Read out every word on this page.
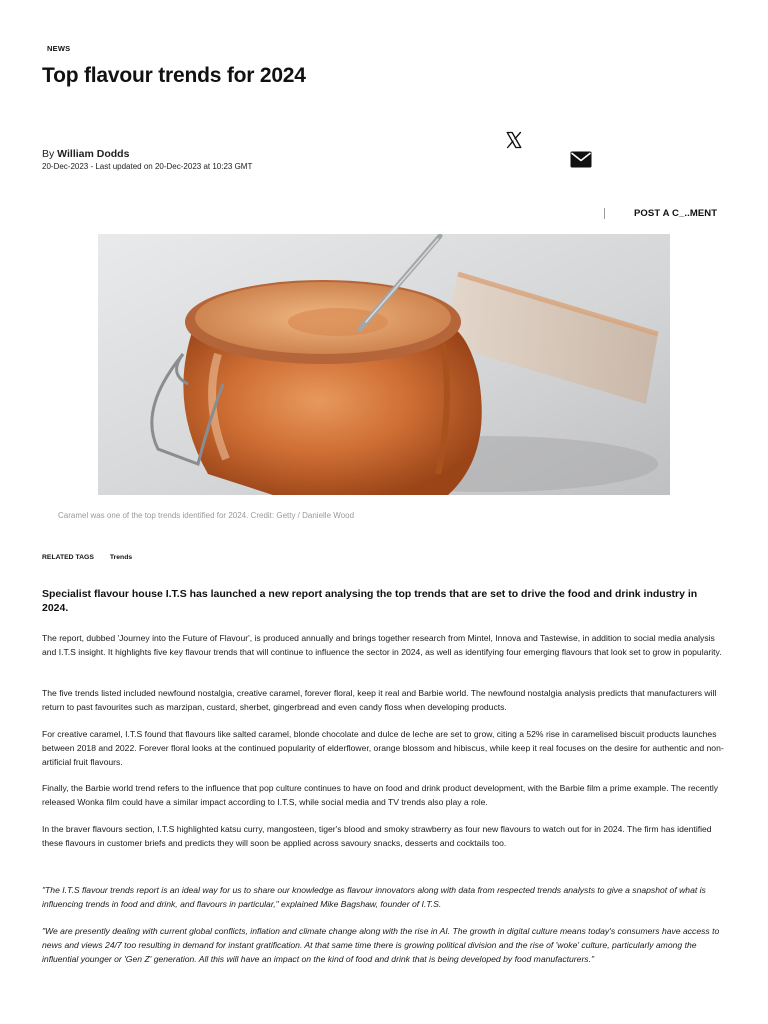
NEWS
Top flavour trends for 2024
By William Dodds
20-Dec-2023 - Last updated on 20-Dec-2023 at 10:23 GMT
POST A C_..MENT
Caramel was one of the top trends identified for 2024. Credit: Getty / Danielle Wood
RELATED TAGS Trends

Specialist flavour house I.T.S has launched a new report analysing the top trends that are set to drive the food and drink industry in 2024.

The report, dubbed 'Journey into the Future of Flavour', is produced annually and brings together research from Mintel, Innova and Tastewise, in addition to social media analysis and I.T.S insight. It highlights five key flavour trends that will continue to influence the sector in 2024, as well as identifying four emerging flavours that look set to grow in popularity.

The five trends listed included newfound nostalgia, creative caramel, forever floral, keep it real and Barbie world. The newfound nostalgia analysis predicts that manufacturers will return to past favourites such as marzipan, custard, sherbet, gingerbread and even candy floss when developing products.

For creative caramel, I.T.S found that flavours like salted caramel, blonde chocolate and dulce de leche are set to grow, citing a 52% rise in caramelised biscuit products launches between 2018 and 2022. Forever floral looks at the continued popularity of elderflower, orange blossom and hibiscus, while keep it real focuses on the desire for authentic and non-artificial fruit flavours.

Finally, the Barbie world trend refers to the influence that pop culture continues to have on food and drink product development, with the Barbie film a prime example. The recently released Wonka film could have a similar impact according to I.T.S, while social media and TV trends also play a role.

In the braver flavours section, I.T.S highlighted katsu curry, mangosteen, tiger's blood and smoky strawberry as four new flavours to watch out for in 2024. The firm has identified these flavours in customer briefs and predicts they will soon be applied across savoury snacks, desserts and cocktails too.

"The I.T.S flavour trends report is an ideal way for us to share our knowledge as flavour innovators along with data from respected trends analysts to give a snapshot of what is influencing trends in food and drink, and flavours in particular," explained Mike Bagshaw, founder of I.T.S.

"We are presently dealing with current global conflicts, inflation and climate change along with the rise in AI. The growth in digital culture means today's consumers have access to news and views 24/7 too resulting in demand for instant gratification. At that same time there is growing political division and the rise of 'woke' culture, particularly among the influential younger or 'Gen Z' generation. All this will have an impact on the kind of food and drink that is being developed by food manufacturers."
